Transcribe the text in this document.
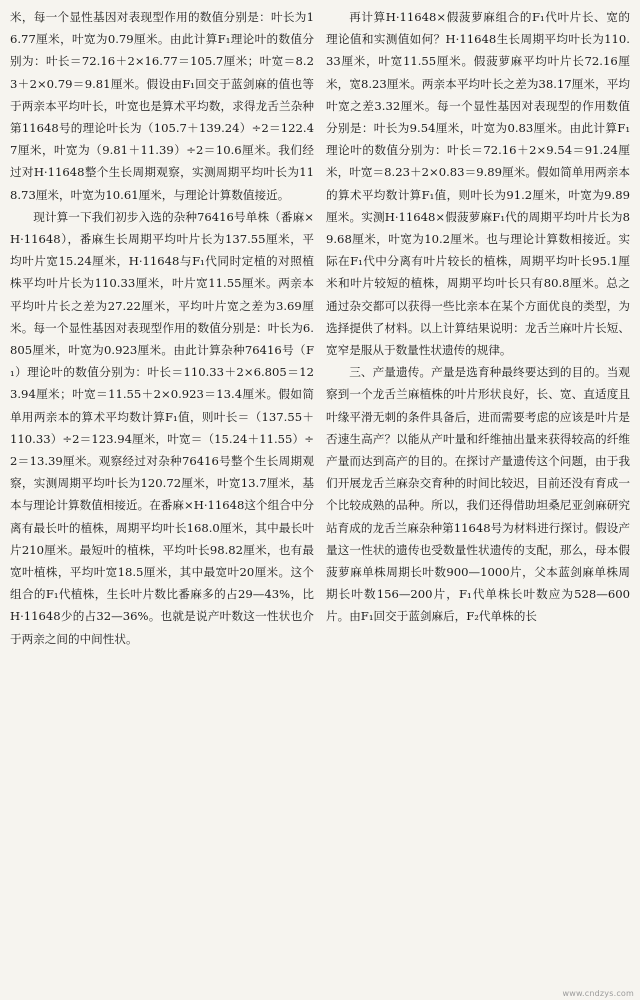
米，每一个显性基因对表现型作用的数值分别是：叶长为16.77厘米，叶宽为0.79厘米。由此计算F₁理论叶的数值分别为：叶长＝72.16＋2×16.77＝105.7厘米；叶宽＝8.23＋2×0.79＝9.81厘米。假设由F₁回交于蓝剑麻的值也等于两亲本平均叶长，叶宽也是算术平均数，求得龙舌兰杂种第11648号的理论叶长为（105.7＋139.24）÷2＝122.47厘米，叶宽为（9.81＋11.39）÷2＝10.6厘米。我们经过对H·11648整个生长周期观察，实测周期平均叶长为118.73厘米，叶宽为10.61厘米，与理论计算数值接近。

现计算一下我们初步入选的杂种76416号单株（番麻×H·11648），番麻生长周期平均叶片长为137.55厘米，平均叶片宽15.24厘米，H·11648与F₁代同时定植的对照植株平均叶片长为110.33厘米，叶片宽11.55厘米。两亲本平均叶片长之差为27.22厘米，平均叶片宽之差为3.69厘米。每一个显性基因对表现型作用的数值分别是：叶长为6.805厘米，叶宽为0.923厘米。由此计算杂种76416号（F₁）理论叶的数值分别为：叶长＝110.33＋2×6.805＝123.94厘米；叶宽＝11.55＋2×0.923＝13.4厘米。假如简单用两亲本的算术平均数计算F₁值，则叶长＝（137.55＋110.33）÷2＝123.94厘米，叶宽＝（15.24＋11.55）÷2＝13.39厘米。观察经过对杂种76416号整个生长周期观察，实测周期平均叶长为120.72厘米，叶宽13.7厘米，基本与理论计算数值相接近。在番麻×H·11648这个组合中分离有最长叶的植株，周期平均叶长168.0厘米，其中最长叶片210厘米。最短叶的植株，平均叶长98.82厘米，也有最宽叶植株，平均叶宽18.5厘米，其中最宽叶20厘米。这个组合的F₁代植株，生长叶片数比番麻多的占29—43%，比H·11648少的占32—36%。也就是说产叶数这一性状也介于两亲之间的中间性状。

再计算H·11648×假菠萝麻组合的F₁代叶片长、宽的理论值和实测值如何？H·11648生长周期平均叶长为110.33厘米，叶宽11.55厘米。假菠萝麻平均叶片长72.16厘米，宽8.23厘米。两亲本平均叶长之差为38.17厘米，平均叶宽之差3.32厘米。每一个显性基因对表现型的作用数值分别是：叶长为9.54厘米，叶宽为0.83厘米。由此计算F₁理论叶的数值分别为：叶长＝72.16＋2×9.54＝91.24厘米，叶宽＝8.23＋2×0.83＝9.89厘米。假如简单用两亲本的算术平均数计算F₁值，则叶长为91.2厘米，叶宽为9.89厘米。实测H·11648×假菠萝麻F₁代的周期平均叶片长为89.68厘米，叶宽为10.2厘米。也与理论计算数相接近。实际在F₁代中分离有叶片较长的植株，周期平均叶长95.1厘米和叶片较短的植株，周期平均叶长只有80.8厘米。总之通过杂交都可以获得一些比亲本在某个方面优良的类型，为选择提供了材料。以上计算结果说明：龙舌兰麻叶片长短、宽窄是服从于数量性状遗传的规律。

三、产量遗传。产量是选育种最终要达到的目的。当观察到一个龙舌兰麻植株的叶片形状良好，长、宽、直适度且叶缘平滑无刺的条件具备后，进而需要考虑的应该是叶片是否速生高产？以能从产叶量和纤维抽出量来获得较高的纤维产量而达到高产的目的。在探讨产量遗传这个问题，由于我们开展龙舌兰麻杂交育种的时间比较迟，目前还没有育成一个比较成熟的品种。所以，我们还得借助坦桑尼亚剑麻研究站育成的龙舌兰麻杂种第11648号为材料进行探讨。假设产量这一性状的遗传也受数量性状遗传的支配，那么，母本假菠萝麻单株周期长叶数900—1000片，父本蓝剑麻单株周期长叶数156—200片，F₁代单株长叶数应为528—600片。由F₁回交于蓝剑麻后，F₂代单株的长

www.cndzys.com
